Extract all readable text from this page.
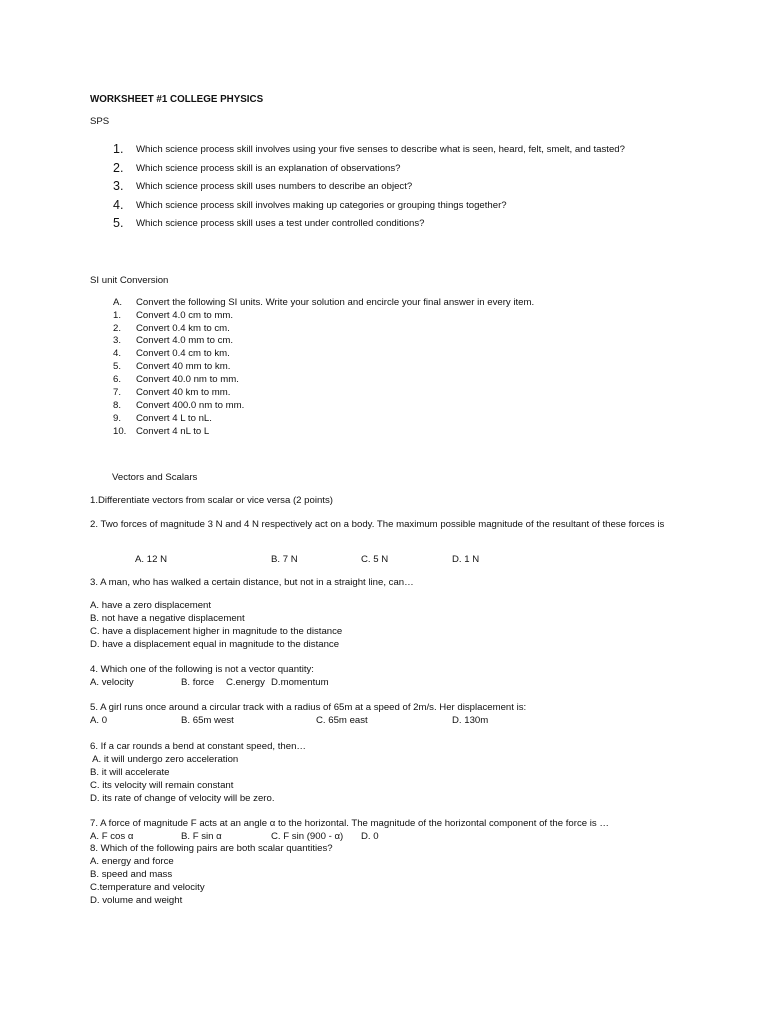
WORKSHEET #1 COLLEGE PHYSICS
SPS
1. Which science process skill involves using your five senses to describe what is seen, heard, felt, smelt, and tasted?
2. Which science process skill is an explanation of observations?
3. Which science process skill uses numbers to describe an object?
4. Which science process skill involves making up categories or grouping things together?
5. Which science process skill uses a test under controlled conditions?
SI unit Conversion
A. Convert the following SI units. Write your solution and encircle your final answer in every item.
1. Convert 4.0 cm to mm.
2. Convert 0.4 km to cm.
3. Convert 4.0 mm to cm.
4. Convert 0.4 cm to km.
5. Convert 40 mm to km.
6. Convert 40.0 nm to mm.
7. Convert 40 km to mm.
8. Convert 400.0 nm to mm.
9. Convert 4 L to nL.
10. Convert 4 nL to L
Vectors and Scalars
1.Differentiate vectors from scalar or vice versa (2 points)
2. Two forces of magnitude 3 N and 4 N respectively act on a body. The maximum possible magnitude of the resultant of these forces is
A. 12 N	B. 7 N	C. 5 N	D. 1 N
3. A man, who has walked a certain distance, but not in a straight line, can…
A. have a zero displacement
B. not have a negative displacement
C. have a displacement higher in magnitude to the distance
D. have a displacement equal in magnitude to the distance
4. Which one of the following is not a vector quantity:
A. velocity	B. force C.energy D.momentum
5. A girl runs once around a circular track with a radius of 65m at a speed of 2m/s. Her displacement is:
A. 0	B. 65m west	C. 65m east	D. 130m
6. If a car rounds a bend at constant speed, then…
A. it will undergo zero acceleration
B. it will accelerate
C. its velocity will remain constant
D. its rate of change of velocity will be zero.
7. A force of magnitude F acts at an angle α to the horizontal. The magnitude of the horizontal component of the force is …
A. F cos α	B. F sin α	C. F sin (900 - α) D. 0
8. Which of the following pairs are both scalar quantities?
A. energy and force
B. speed and mass
C.temperature and velocity
D. volume and weight
